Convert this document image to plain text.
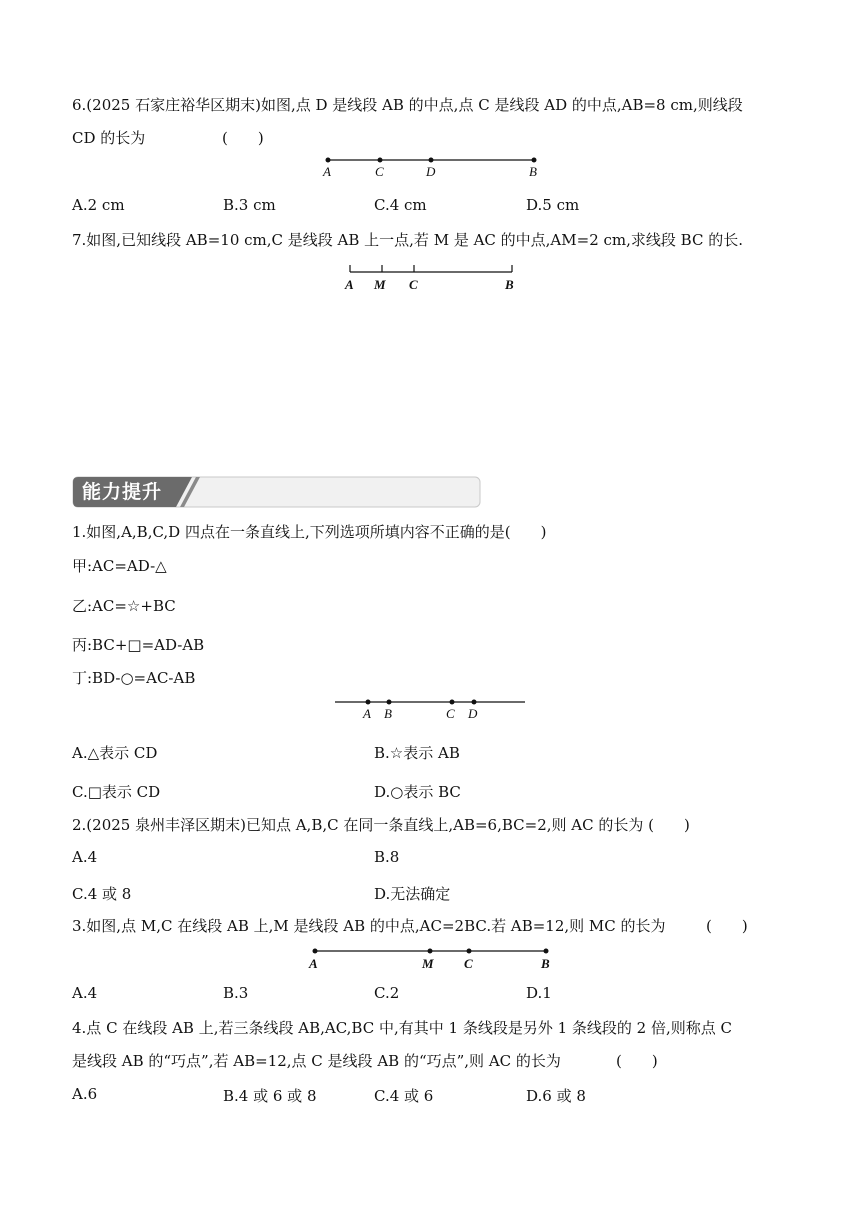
6.(2025 石家庄裕华区期末)如图,点 D 是线段 AB 的中点,点 C 是线段 AD 的中点,AB=8 cm,则线段
CD 的长为	(　　)
A	C	D	B
A.2 cm	B.3 cm	C.4 cm	D.5 cm
7.如图,已知线段 AB=10 cm,C 是线段 AB 上一点,若 M 是 AC 的中点,AM=2 cm,求线段 BC 的长.
A M C	B
能力提升
1.如图,A,B,C,D 四点在一条直线上,下列选项所填内容不正确的是(　　)
甲:AC=AD-△
乙:AC=☆+BC
丙:BC+□=AD-AB
丁:BD-○=AC-AB
A B	C D
A.△表示 CD	B.☆表示 AB
C.□表示 CD	D.○表示 BC
2.(2025 泉州丰泽区期末)已知点 A,B,C 在同一条直线上,AB=6,BC=2,则 AC 的长为 (　　)
A.4	B.8
C.4 或 8	D.无法确定
3.如图,点 M,C 在线段 AB 上,M 是线段 AB 的中点,AC=2BC.若 AB=12,则 MC 的长为	(　　)
A	M C	B
A.4	B.3	C.2	D.1
4.点 C 在线段 AB 上,若三条线段 AB,AC,BC 中,有其中 1 条线段是另外 1 条线段的 2 倍,则称点 C
是线段 AB 的“巧点”,若 AB=12,点 C 是线段 AB 的“巧点”,则 AC 的长为	(　　)
A.6	B.4 或 6 或 8	C.4 或 6	D.6 或 8
